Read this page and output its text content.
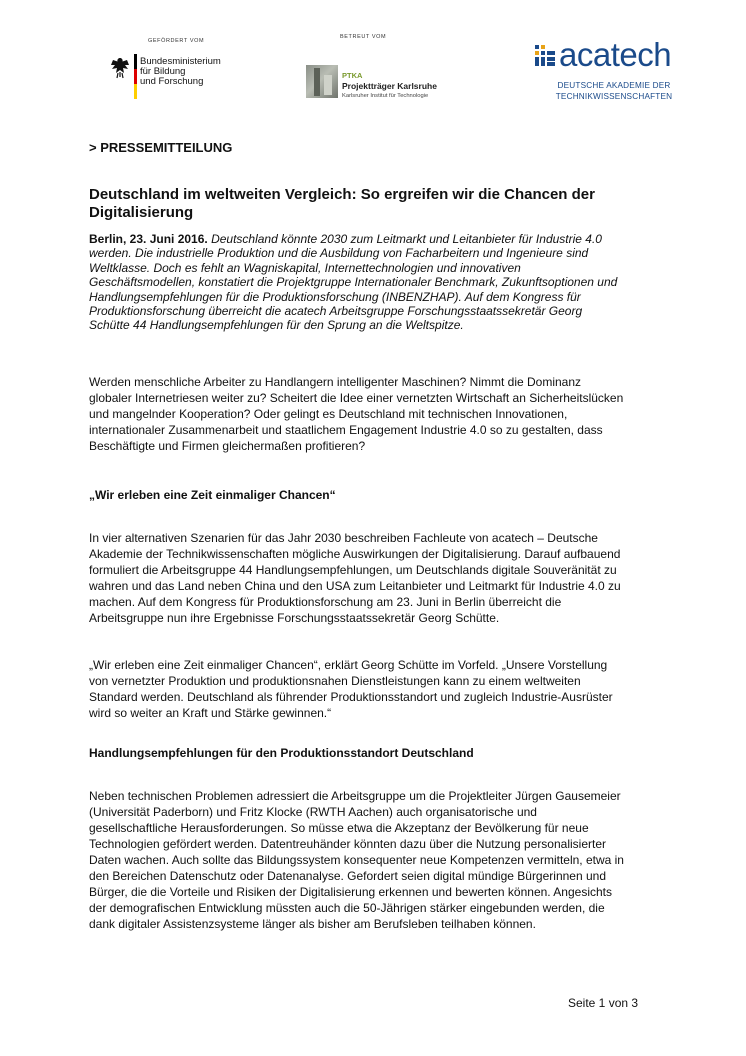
GEFÖRDERT VOM
Bundesministerium
für Bildung
und Forschung
BETREUT VOM
PTKA
Projektträger Karlsruhe
Karlsruher Institut für Technologie
acatech
DEUTSCHE AKADEMIE DER
TECHNIKWISSENSCHAFTEN
> PRESSEMITTEILUNG
Deutschland im weltweiten Vergleich: So ergreifen wir die Chancen der
Digitalisierung
Berlin, 23. Juni 2016. Deutschland könnte 2030 zum Leitmarkt und Leitanbieter für Industrie 4.0
werden. Die industrielle Produktion und die Ausbildung von Facharbeitern und Ingenieure sind
Weltklasse. Doch es fehlt an Wagniskapital, Internettechnologien und innovativen
Geschäftsmodellen, konstatiert die Projektgruppe Internationaler Benchmark, Zukunftsoptionen und
Handlungsempfehlungen für die Produktionsforschung (INBENZHAP). Auf dem Kongress für
Produktionsforschung überreicht die acatech Arbeitsgruppe Forschungsstaatssekretär Georg
Schütte 44 Handlungsempfehlungen für den Sprung an die Weltspitze.
Werden menschliche Arbeiter zu Handlangern intelligenter Maschinen? Nimmt die Dominanz
globaler Internetriesen weiter zu? Scheitert die Idee einer vernetzten Wirtschaft an Sicherheitslücken
und mangelnder Kooperation? Oder gelingt es Deutschland mit technischen Innovationen,
internationaler Zusammenarbeit und staatlichem Engagement Industrie 4.0 so zu gestalten, dass
Beschäftigte und Firmen gleichermaßen profitieren?
„Wir erleben eine Zeit einmaliger Chancen“
In vier alternativen Szenarien für das Jahr 2030 beschreiben Fachleute von acatech – Deutsche
Akademie der Technikwissenschaften mögliche Auswirkungen der Digitalisierung. Darauf aufbauend
formuliert die Arbeitsgruppe 44 Handlungsempfehlungen, um Deutschlands digitale Souveränität zu
wahren und das Land neben China und den USA zum Leitanbieter und Leitmarkt für Industrie 4.0 zu
machen. Auf dem Kongress für Produktionsforschung am 23. Juni in Berlin überreicht die
Arbeitsgruppe nun ihre Ergebnisse Forschungsstaatssekretär Georg Schütte.
„Wir erleben eine Zeit einmaliger Chancen“, erklärt Georg Schütte im Vorfeld. „Unsere Vorstellung
von vernetzter Produktion und produktionsnahen Dienstleistungen kann zu einem weltweiten
Standard werden. Deutschland als führender Produktionsstandort und zugleich Industrie-Ausrüster
wird so weiter an Kraft und Stärke gewinnen.“
Handlungsempfehlungen für den Produktionsstandort Deutschland
Neben technischen Problemen adressiert die Arbeitsgruppe um die Projektleiter Jürgen Gausemeier
(Universität Paderborn) und Fritz Klocke (RWTH Aachen) auch organisatorische und
gesellschaftliche Herausforderungen. So müsse etwa die Akzeptanz der Bevölkerung für neue
Technologien gefördert werden. Datentreuhänder könnten dazu über die Nutzung personalisierter
Daten wachen. Auch sollte das Bildungssystem konsequenter neue Kompetenzen vermitteln, etwa in
den Bereichen Datenschutz oder Datenanalyse. Gefordert seien digital mündige Bürgerinnen und
Bürger, die die Vorteile und Risiken der Digitalisierung erkennen und bewerten können. Angesichts
der demografischen Entwicklung müssten auch die 50-Jährigen stärker eingebunden werden, die
dank digitaler Assistenzsysteme länger als bisher am Berufsleben teilhaben können.
Seite 1 von 3
